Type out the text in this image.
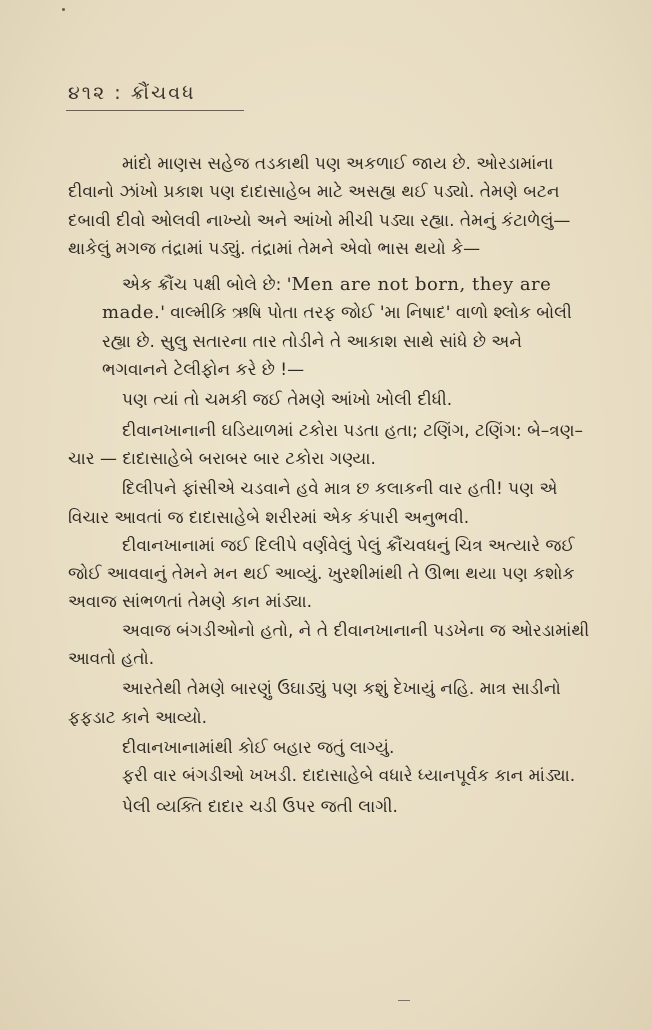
૪૧૨ : ક્રૌંચવધ

માંદો માણસ સહેજ તડકાથી પણ અકળાઈ જાય છે. ઓરડામાંના દીવાનો ઝાંખો પ્રકાશ પણ દાદાસાહેબ માટે અસહ્ય થઈ પડ્યો. તેમણે બટન દબાવી દીવો ઓલવી નાખ્યો અને આંખો મીચી પડ્યા રહ્યા. તેમનું કંટાળેલું—થાકેલું મગજ તંદ્રામાં પડ્યું. તંદ્રામાં તેમને એવો ભાસ થયો કે—

એક ક્રૌંચ પક્ષી બોલે છે: 'Men are not born, they are made.' વાલ્મીકિ ઋષિ પોતા તરફ જોઈ 'મા નિષાદ' વાળો શ્લોક બોલી રહ્યા છે. સુલુ સતારના તાર તોડીને તે આકાશ સાથે સાંધે છે અને ભગવાનને ટેલીફોન કરે છે !—

પણ ત્યાં તો ચમકી જઈ તેમણે આંખો ખોલી દીધી.

દીવાનખાનાની ઘડિયાળમાં ટકોરા પડતા હતા; ટણિંગ, ટણિંગ: બે–ત્રણ–ચાર — દાદાસાહેબે બરાબર બાર ટકોરા ગણ્યા.

દિલીપને ફાંસીએ ચડવાને હવે માત્ર છ કલાકની વાર હતી! પણ એ વિચાર આવતાં જ દાદાસાહેબે શરીરમાં એક કંપારી અનુભવી.

દીવાનખાનામાં જઈ દિલીપે વર્ણવેલું પેલું ક્રૌંચવધનું ચિત્ર અત્યારે જઈ જોઈ આવવાનું તેમને મન થઈ આવ્યું. ખુરશીમાંથી તે ઊભા થયા પણ કશોક અવાજ સાંભળતાં તેમણે કાન માંડ્યા.

અવાજ બંગડીઓનો હતો, ને તે દીવાનખાનાની પડખેના જ ઓરડામાંથી આવતો હતો.

આરતેથી તેમણે બારણું ઉઘાડ્યું પણ કશું દેખાયું નહિ. માત્ર સાડીનો ફફડાટ કાને આવ્યો.

દીવાનખાનામાંથી કોઈ બહાર જતું લાગ્યું.

ફરી વાર બંગડીઓ ખખડી. દાદાસાહેબે વધારે ધ્યાનપૂર્વક કાન માંડ્યા.

પેલી વ્યક્તિ દાદાર ચડી ઉપર જતી લાગી.
